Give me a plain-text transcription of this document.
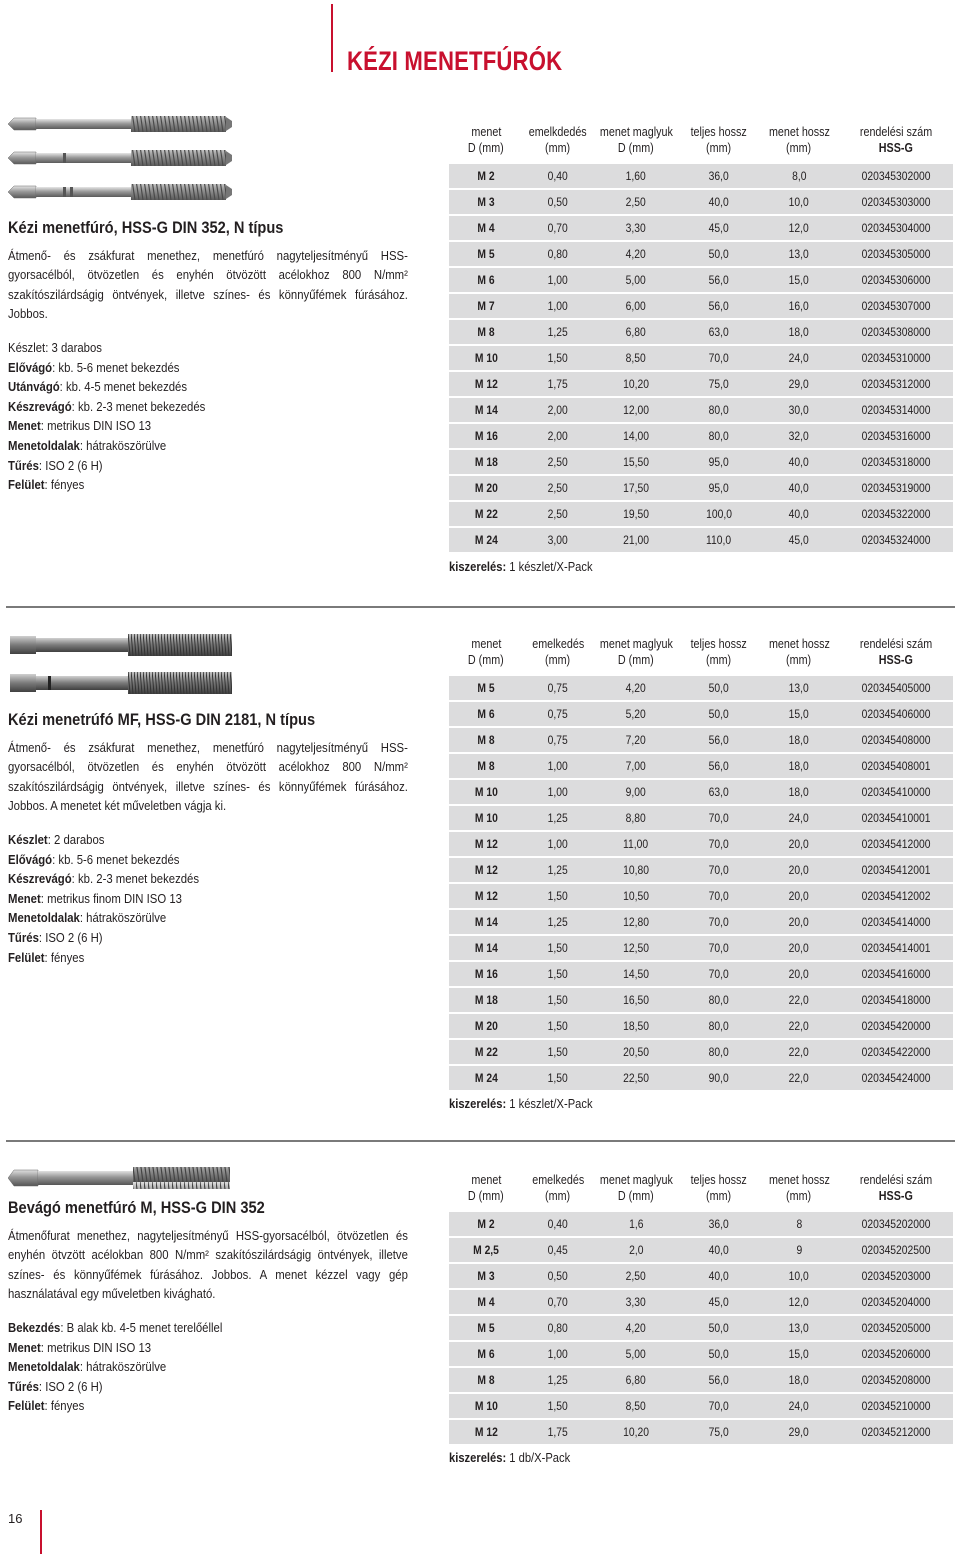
KÉZI MENETFÚRÓK
Kézi menetfúró, HSS-G DIN 352, N típus
Átmenő- és zsákfurat menethez, menetfúró nagyteljesítményű HSS-gyorsacélból, ötvözetlen és enyhén ötvözött acélokhoz 800 N/mm² szakítószilárdságig öntvények, illetve színes- és könnyűfémek fúrásához. Jobbos.
Készlet: 3 darabos
Elővágó: kb. 5-6 menet bekezdés
Utánvágó: kb. 4-5 menet bekezdés
Készrevágó: kb. 2-3 menet bekezedés
Menet: metrikus DIN ISO 13
Menetoldalak: hátraköszörülve
Tűrés: ISO 2 (6 H)
Felület: fényes
menet
D (mm)	emelkdedés
(mm)	menet maglyuk
D (mm)	teljes hossz
(mm)	menet hossz
(mm)	rendelési szám
HSS-G
M 2	0,40	1,60	36,0	8,0	020345302000
M 3	0,50	2,50	40,0	10,0	020345303000
M 4	0,70	3,30	45,0	12,0	020345304000
M 5	0,80	4,20	50,0	13,0	020345305000
M 6	1,00	5,00	56,0	15,0	020345306000
M 7	1,00	6,00	56,0	16,0	020345307000
M 8	1,25	6,80	63,0	18,0	020345308000
M 10	1,50	8,50	70,0	24,0	020345310000
M 12	1,75	10,20	75,0	29,0	020345312000
M 14	2,00	12,00	80,0	30,0	020345314000
M 16	2,00	14,00	80,0	32,0	020345316000
M 18	2,50	15,50	95,0	40,0	020345318000
M 20	2,50	17,50	95,0	40,0	020345319000
M 22	2,50	19,50	100,0	40,0	020345322000
M 24	3,00	21,00	110,0	45,0	020345324000
kiszerelés: 1 készlet/X-Pack
Kézi menetrúfó MF, HSS-G DIN 2181, N típus
Átmenő- és zsákfurat menethez, menetfúró nagyteljesítményű HSS-gyorsacélból, ötvözetlen és enyhén ötvözött acélokhoz 800 N/mm² szakítószilárdságig öntvények, illetve színes- és könnyűfémek fúrásához. Jobbos. A menetet két műveletben vágja ki.
Készlet: 2 darabos
Elővágó: kb. 5-6 menet bekezdés
Készrevágó: kb. 2-3 menet bekezdés
Menet: metrikus finom DIN ISO 13
Menetoldalak: hátraköszörülve
Tűrés: ISO 2 (6 H)
Felület: fényes
menet
D (mm)	emelkedés
(mm)	menet maglyuk
D (mm)	teljes hossz
(mm)	menet hossz
(mm)	rendelési szám
HSS-G
M 5	0,75	4,20	50,0	13,0	020345405000
M 6	0,75	5,20	50,0	15,0	020345406000
M 8	0,75	7,20	56,0	18,0	020345408000
M 8	1,00	7,00	56,0	18,0	020345408001
M 10	1,00	9,00	63,0	18,0	020345410000
M 10	1,25	8,80	70,0	24,0	020345410001
M 12	1,00	11,00	70,0	20,0	020345412000
M 12	1,25	10,80	70,0	20,0	020345412001
M 12	1,50	10,50	70,0	20,0	020345412002
M 14	1,25	12,80	70,0	20,0	020345414000
M 14	1,50	12,50	70,0	20,0	020345414001
M 16	1,50	14,50	70,0	20,0	020345416000
M 18	1,50	16,50	80,0	22,0	020345418000
M 20	1,50	18,50	80,0	22,0	020345420000
M 22	1,50	20,50	80,0	22,0	020345422000
M 24	1,50	22,50	90,0	22,0	020345424000
kiszerelés: 1 készlet/X-Pack
Bevágó menetfúró M, HSS-G DIN 352
Átmenőfurat menethez, nagyteljesítményű HSS-gyorsacélból, ötvözetlen és enyhén ötvzött acélokban 800 N/mm² szakítószilárdságig öntvények, illetve színes- és könnyűfémek fúrásához. Jobbos. A menet kézzel vagy gép használatával egy műveletben kivágható.
Bekezdés: B alak kb. 4-5 menet terelőéllel
Menet: metrikus DIN ISO 13
Menetoldalak: hátraköszörülve
Tűrés: ISO 2 (6 H)
Felület: fényes
menet
D (mm)	emelkedés
(mm)	menet maglyuk
D (mm)	teljes hossz
(mm)	menet hossz
(mm)	rendelési szám
HSS-G
M 2	0,40	1,6	36,0	8	020345202000
M 2,5	0,45	2,0	40,0	9	020345202500
M 3	0,50	2,50	40,0	10,0	020345203000
M 4	0,70	3,30	45,0	12,0	020345204000
M 5	0,80	4,20	50,0	13,0	020345205000
M 6	1,00	5,00	50,0	15,0	020345206000
M 8	1,25	6,80	56,0	18,0	020345208000
M 10	1,50	8,50	70,0	24,0	020345210000
M 12	1,75	10,20	75,0	29,0	020345212000
kiszerelés: 1 db/X-Pack
16
